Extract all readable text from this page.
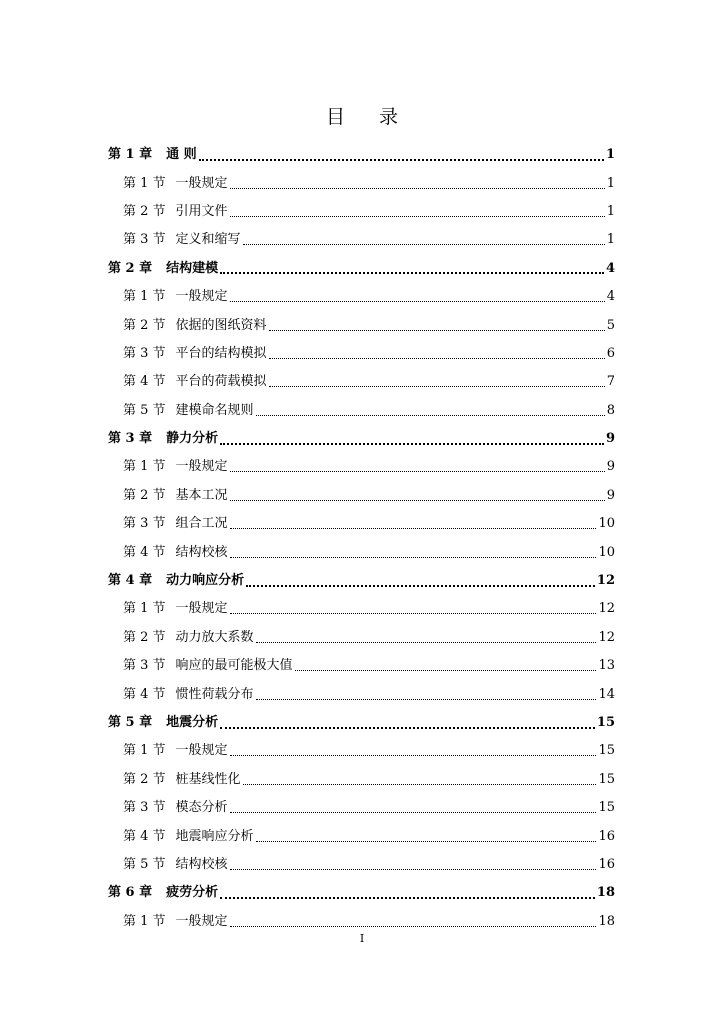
目 录
第 1 章 通 则	1
第 1 节 一般规定	1
第 2 节 引用文件	1
第 3 节 定义和缩写	1
第 2 章 结构建模	4
第 1 节 一般规定	4
第 2 节 依据的图纸资料	5
第 3 节 平台的结构模拟	6
第 4 节 平台的荷载模拟	7
第 5 节 建模命名规则	8
第 3 章 静力分析	9
第 1 节 一般规定	9
第 2 节 基本工况	9
第 3 节 组合工况	10
第 4 节 结构校核	10
第 4 章 动力响应分析	12
第 1 节 一般规定	12
第 2 节 动力放大系数	12
第 3 节 响应的最可能极大值	13
第 4 节 惯性荷载分布	14
第 5 章 地震分析	15
第 1 节 一般规定	15
第 2 节 桩基线性化	15
第 3 节 模态分析	15
第 4 节 地震响应分析	16
第 5 节 结构校核	16
第 6 章 疲劳分析	18
第 1 节 一般规定	18
I
